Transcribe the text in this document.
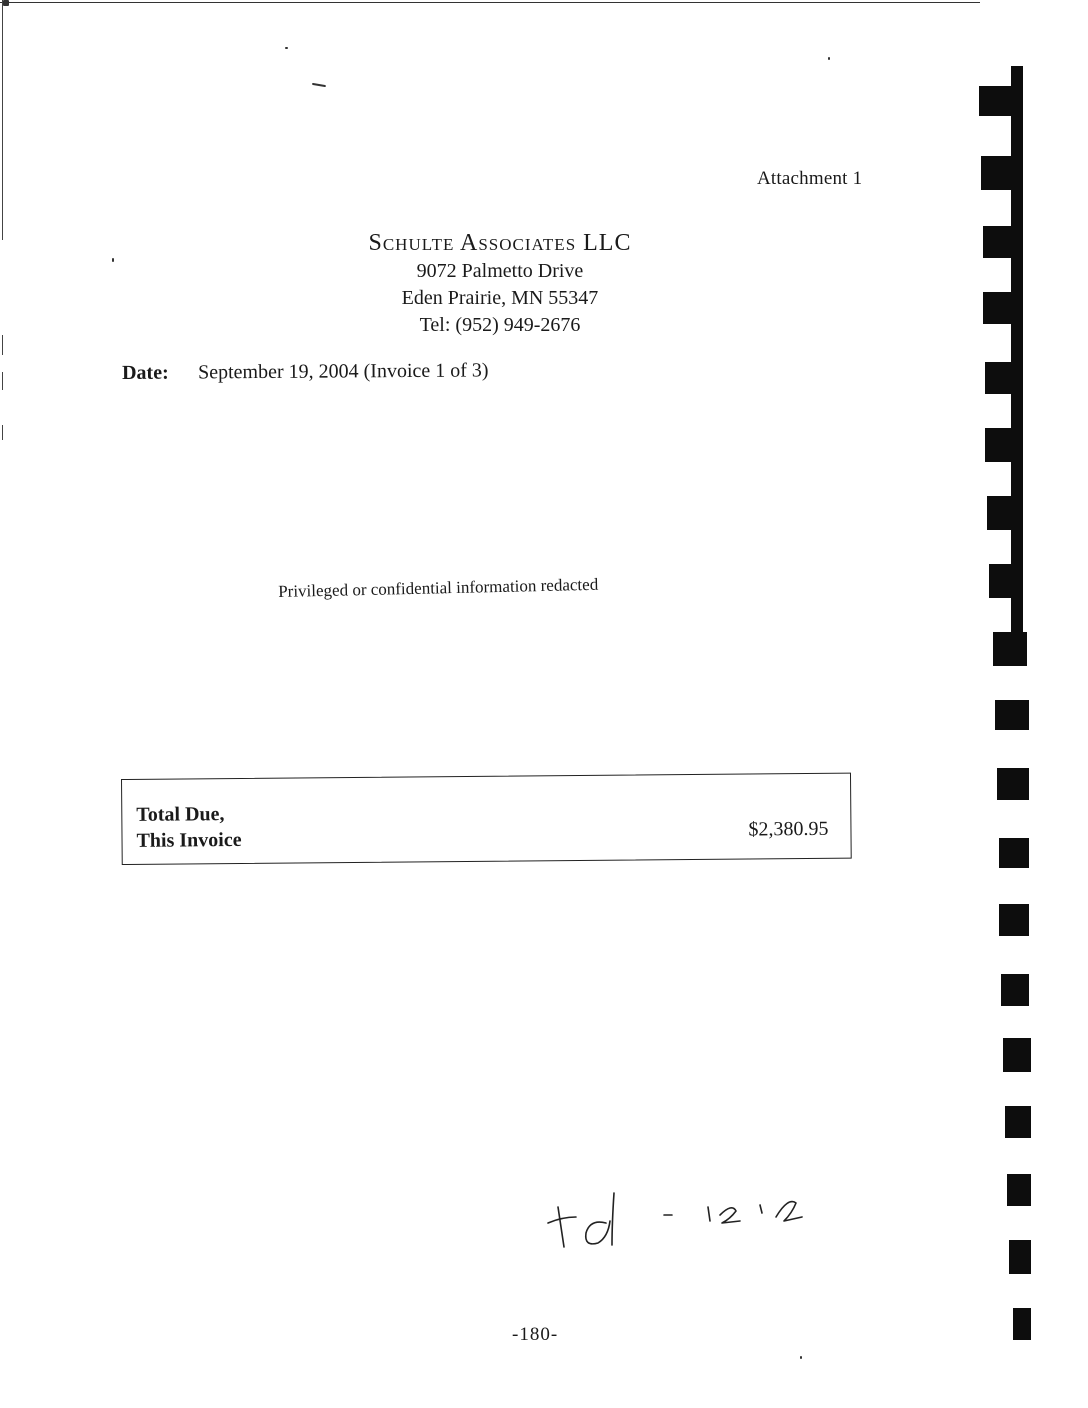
Attachment 1
Schulte Associates LLC
9072 Palmetto Drive
Eden Prairie, MN 55347
Tel: (952) 949-2676
Date: September 19, 2004 (Invoice 1 of 3)
Privileged or confidential information redacted
Total Due,
This Invoice	$2,380.95
-180-
